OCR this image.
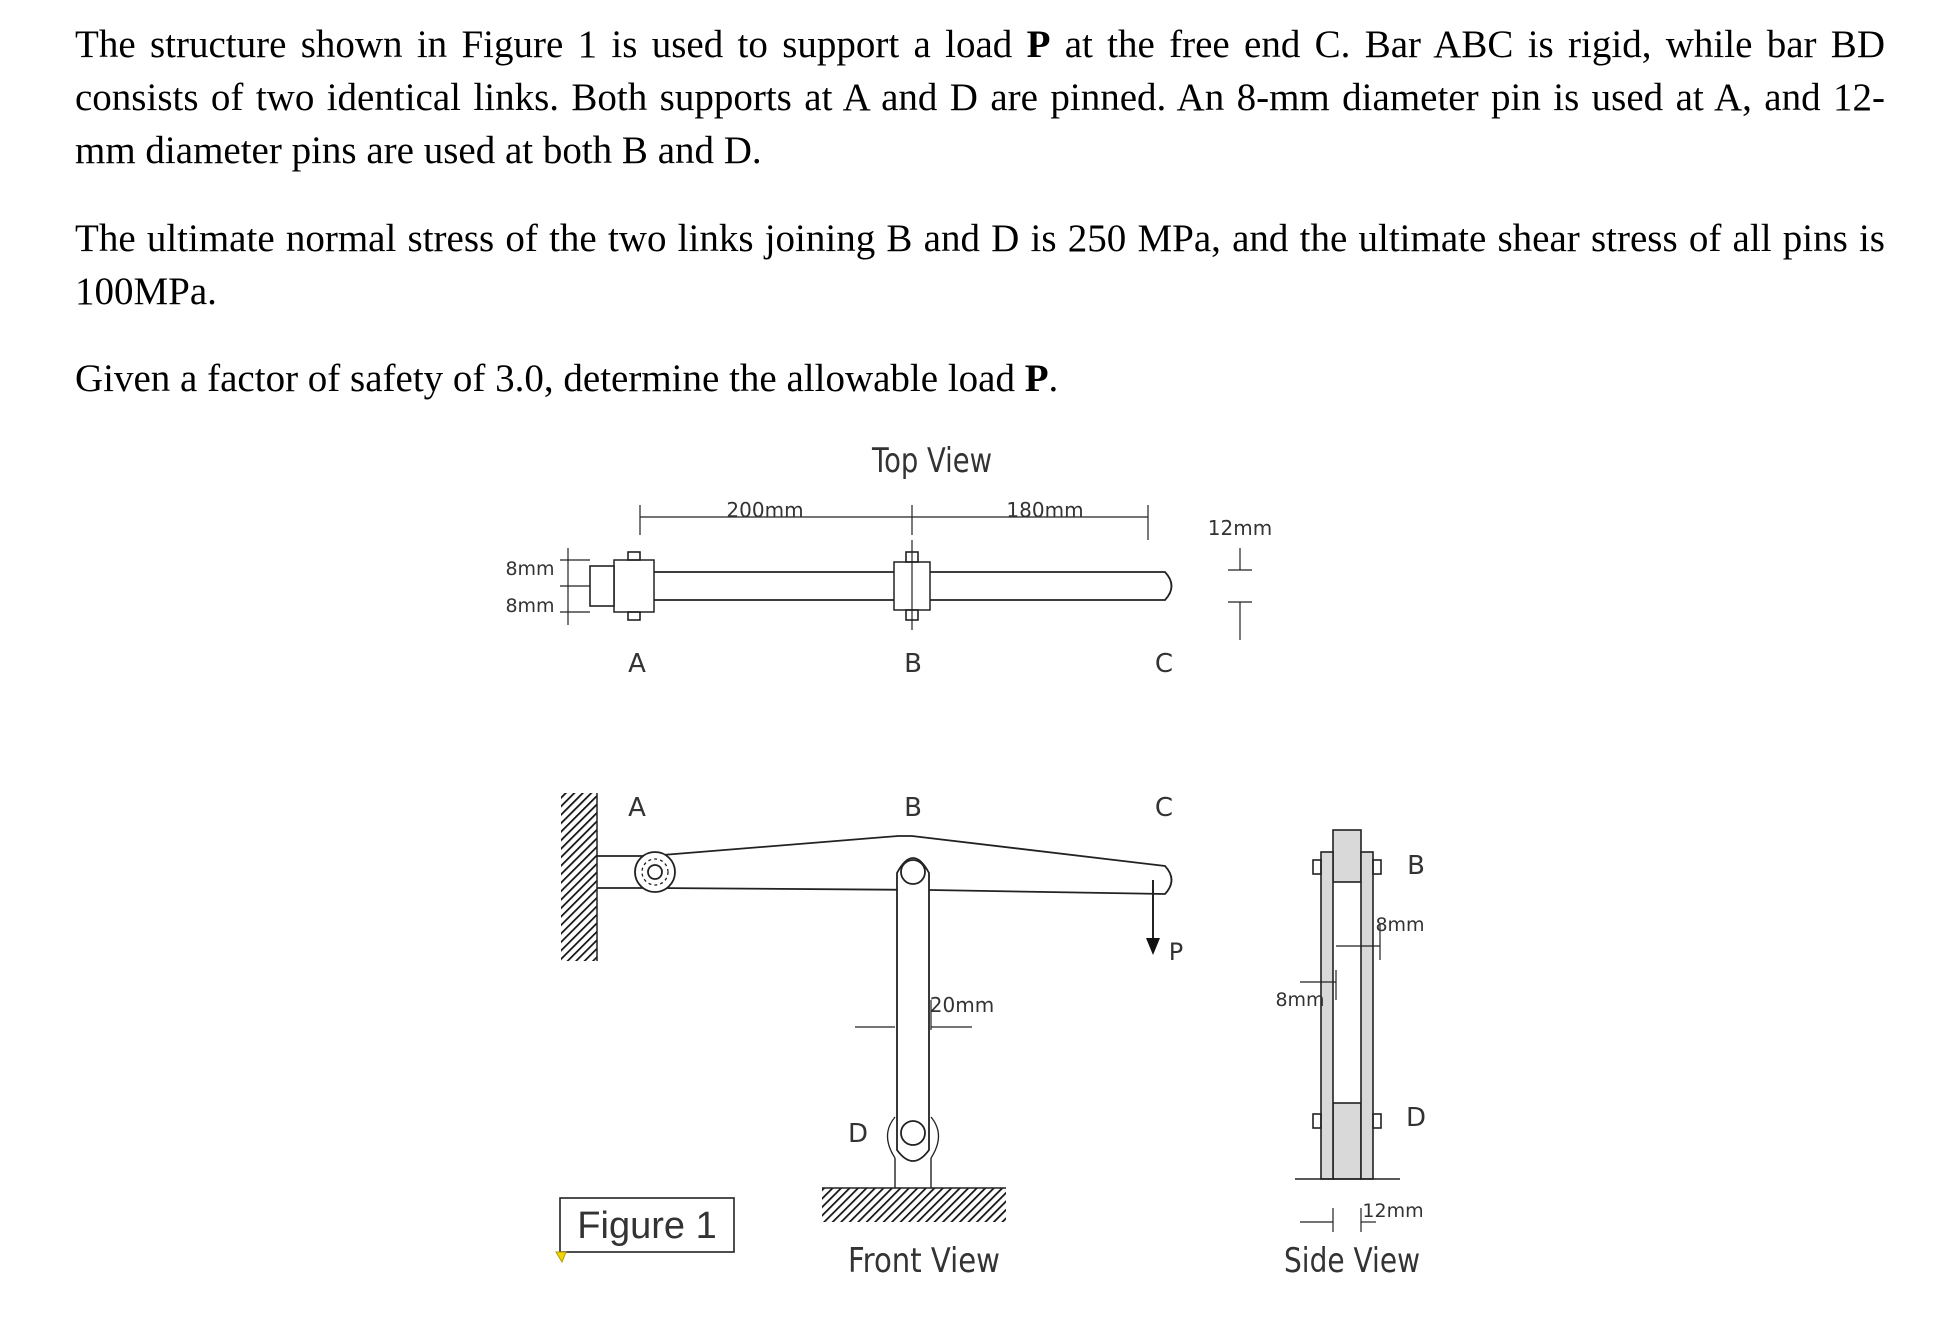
The structure shown in Figure 1 is used to support a load P at the free end C. Bar ABC is rigid, while bar BD consists of two identical links. Both supports at A and D are pinned. An 8-mm diameter pin is used at A, and 12-mm diameter pins are used at both B and D.
The ultimate normal stress of the two links joining B and D is 250 MPa, and the ultimate shear stress of all pins is 100MPa.
Given a factor of safety of 3.0, determine the allowable load P.
Top View
200mm	180mm
8mm
8mm
12mm
A	B	C
A	B	C
D
20mm
P
Front View
B
D
8mm
8mm
12mm
Side View
Figure 1
